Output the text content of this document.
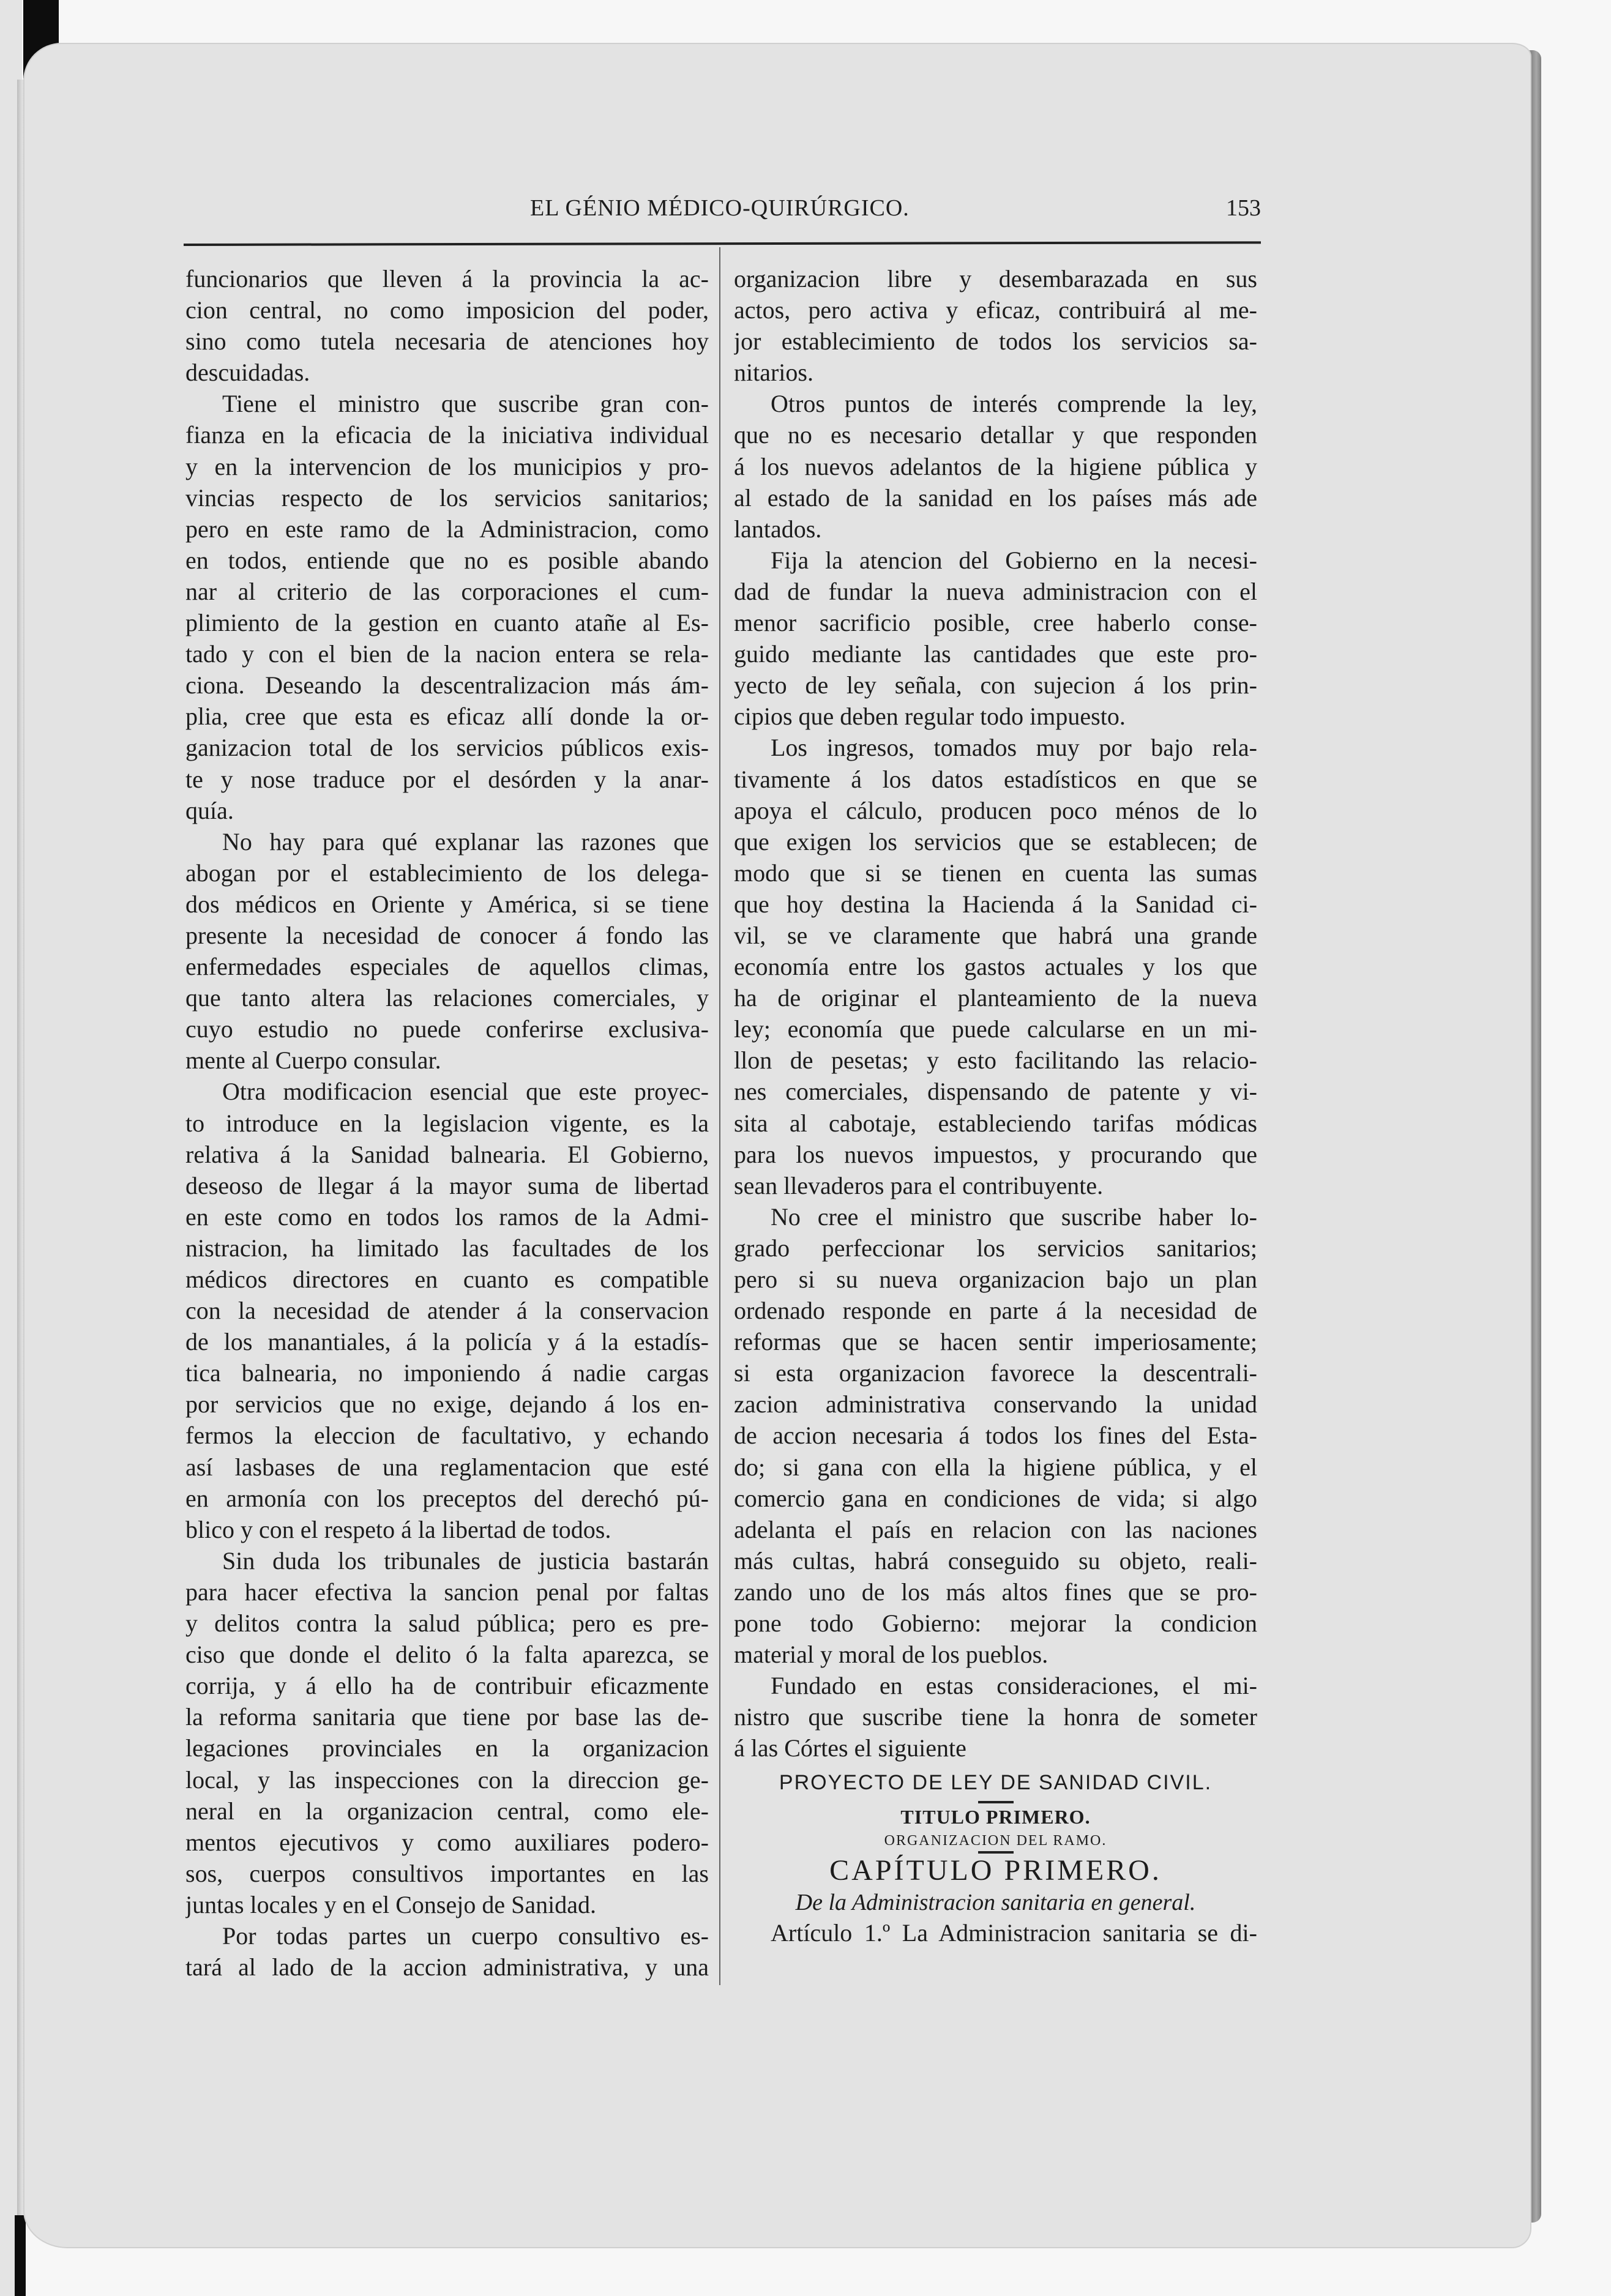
EL GÉNIO MÉDICO-QUIRÚRGICO.	153
funcionarios que lleven á la provincia la ac-
cion central, no como imposicion del poder,
sino como tutela necesaria de atenciones hoy
descuidadas.
Tiene el ministro que suscribe gran con-
fianza en la eficacia de la iniciativa individual
y en la intervencion de los municipios y pro-
vincias respecto de los servicios sanitarios;
pero en este ramo de la Administracion, como
en todos, entiende que no es posible abando
nar al criterio de las corporaciones el cum-
plimiento de la gestion en cuanto atañe al Es-
tado y con el bien de la nacion entera se rela-
ciona. Deseando la descentralizacion más ám-
plia, cree que esta es eficaz allí donde la or-
ganizacion total de los servicios públicos exis-
te y nose traduce por el desórden y la anar-
quía.
No hay para qué explanar las razones que
abogan por el establecimiento de los delega-
dos médicos en Oriente y América, si se tiene
presente la necesidad de conocer á fondo las
enfermedades especiales de aquellos climas,
que tanto altera las relaciones comerciales, y
cuyo estudio no puede conferirse exclusiva-
mente al Cuerpo consular.
Otra modificacion esencial que este proyec-
to introduce en la legislacion vigente, es la
relativa á la Sanidad balnearia. El Gobierno,
deseoso de llegar á la mayor suma de libertad
en este como en todos los ramos de la Admi-
nistracion, ha limitado las facultades de los
médicos directores en cuanto es compatible
con la necesidad de atender á la conservacion
de los manantiales, á la policía y á la estadís-
tica balnearia, no imponiendo á nadie cargas
por servicios que no exige, dejando á los en-
fermos la eleccion de facultativo, y echando
así lasbases de una reglamentacion que esté
en armonía con los preceptos del derechó pú-
blico y con el respeto á la libertad de todos.
Sin duda los tribunales de justicia bastarán
para hacer efectiva la sancion penal por faltas
y delitos contra la salud pública; pero es pre-
ciso que donde el delito ó la falta aparezca, se
corrija, y á ello ha de contribuir eficazmente
la reforma sanitaria que tiene por base las de-
legaciones provinciales en la organizacion
local, y las inspecciones con la direccion ge-
neral en la organizacion central, como ele-
mentos ejecutivos y como auxiliares podero-
sos, cuerpos consultivos importantes en las
juntas locales y en el Consejo de Sanidad.
Por todas partes un cuerpo consultivo es-
tará al lado de la accion administrativa, y una
organizacion libre y desembarazada en sus
actos, pero activa y eficaz, contribuirá al me-
jor establecimiento de todos los servicios sa-
nitarios.
Otros puntos de interés comprende la ley,
que no es necesario detallar y que responden
á los nuevos adelantos de la higiene pública y
al estado de la sanidad en los países más ade
lantados.
Fija la atencion del Gobierno en la necesi-
dad de fundar la nueva administracion con el
menor sacrificio posible, cree haberlo conse-
guido mediante las cantidades que este pro-
yecto de ley señala, con sujecion á los prin-
cipios que deben regular todo impuesto.
Los ingresos, tomados muy por bajo rela-
tivamente á los datos estadísticos en que se
apoya el cálculo, producen poco ménos de lo
que exigen los servicios que se establecen; de
modo que si se tienen en cuenta las sumas
que hoy destina la Hacienda á la Sanidad ci-
vil, se ve claramente que habrá una grande
economía entre los gastos actuales y los que
ha de originar el planteamiento de la nueva
ley; economía que puede calcularse en un mi-
llon de pesetas; y esto facilitando las relacio-
nes comerciales, dispensando de patente y vi-
sita al cabotaje, estableciendo tarifas módicas
para los nuevos impuestos, y procurando que
sean llevaderos para el contribuyente.
No cree el ministro que suscribe haber lo-
grado perfeccionar los servicios sanitarios;
pero si su nueva organizacion bajo un plan
ordenado responde en parte á la necesidad de
reformas que se hacen sentir imperiosamente;
si esta organizacion favorece la descentrali-
zacion administrativa conservando la unidad
de accion necesaria á todos los fines del Esta-
do; si gana con ella la higiene pública, y el
comercio gana en condiciones de vida; si algo
adelanta el país en relacion con las naciones
más cultas, habrá conseguido su objeto, reali-
zando uno de los más altos fines que se pro-
pone todo Gobierno: mejorar la condicion
material y moral de los pueblos.
Fundado en estas consideraciones, el mi-
nistro que suscribe tiene la honra de someter
á las Córtes el siguiente
PROYECTO DE LEY DE SANIDAD CIVIL.
TITULO PRIMERO.
ORGANIZACION DEL RAMO.
CAPÍTULO PRIMERO.
De la Administracion sanitaria en general.
Artículo 1.º La Administracion sanitaria se di-
